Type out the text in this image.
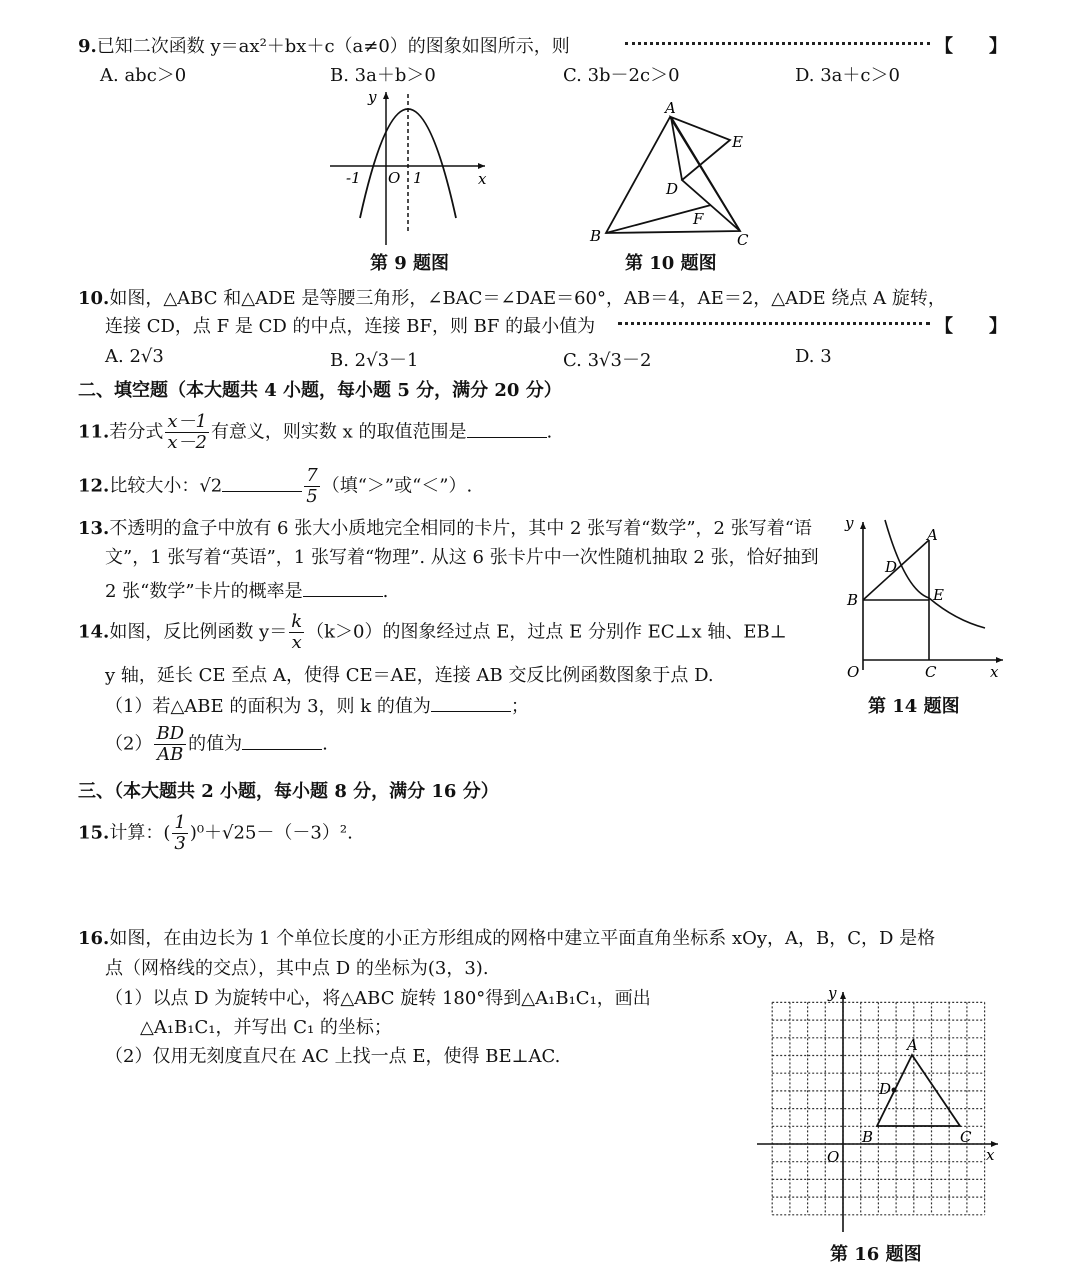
9.已知二次函数 y＝ax²＋bx＋c（a≠0）的图象如图所示，则	【　　】
A. abc＞0	B. 3a＋b＞0	C. 3b－2c＞0	D. 3a＋c＞0
y
x
O
-1	1
第 9 题图
A
E
D
F
B	C
第 10 题图
10.如图，△ABC 和△ADE 是等腰三角形，∠BAC＝∠DAE＝60°，AB＝4，AE＝2，△ADE 绕点 A 旋转，
连接 CD，点 F 是 CD 的中点，连接 BF，则 BF 的最小值为	【　　】
A. 2√3	B. 2√3－1	C. 3√3－2	D. 3
二、填空题（本大题共 4 小题，每小题 5 分，满分 20 分）
11.若分式 $\frac{x-1}{x-2}$ 有意义，则实数 x 的取值范围是	.
12.比较大小：√2	$\frac{7}{5}$ （填“＞”或“＜”）.
13.不透明的盒子中放有 6 张大小质地完全相同的卡片，其中 2 张写着“数学”，2 张写着“语
文”，1 张写着“英语”，1 张写着“物理”. 从这 6 张卡片中一次性随机抽取 2 张，恰好抽到
2 张“数学”卡片的概率是	.
14.如图，反比例函数 $y= \frac{k}{x} (k>0)$的图象经过点 E，过点 E 分别作 EC⊥x 轴、EB⊥
y 轴，延长 CE 至点 A，使得 CE＝AE，连接 AB 交反比例函数图象于点 D.
（1）若△ABE 的面积为 3，则 k 的值为	；
$(2) \frac{BD}{AB}$ 的值为	.
y
x
O	C
A
D
B	E
第 14 题图
三、（本大题共 2 小题，每小题 8 分，满分 16 分）
15.计算：( $\frac{1}{3} )^0+√25-(-3)^2$.
16.如图，在由边长为 1 个单位长度的小正方形组成的网格中建立平面直角坐标系 xOy，A，B，C，D 是格
点（网格线的交点），其中点 D 的坐标为(3，3).
（1）以点 D 为旋转中心，将△ABC 旋转 180°得到△A₁B₁C₁，画出
△A₁B₁C₁，并写出 C₁ 的坐标；
（2）仅用无刻度直尺在 AC 上找一点 E，使得 BE⊥AC.
y
x
O
A
B	C
D
第 16 题图
